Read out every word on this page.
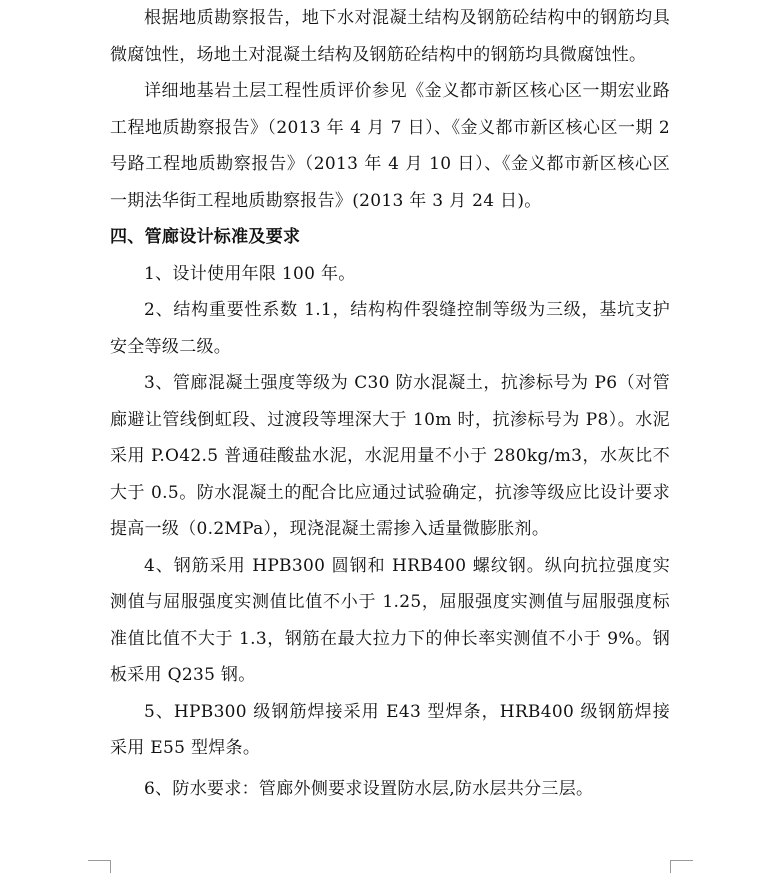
根据地质勘察报告，地下水对混凝土结构及钢筋砼结构中的钢筋均具微腐蚀性，场地土对混凝土结构及钢筋砼结构中的钢筋均具微腐蚀性。

详细地基岩土层工程性质评价参见《金义都市新区核心区一期宏业路工程地质勘察报告》（2013 年 4 月 7 日）、《金义都市新区核心区一期 2 号路工程地质勘察报告》（2013 年 4 月 10 日）、《金义都市新区核心区一期法华街工程地质勘察报告》(2013 年 3 月 24 日)。

四、管廊设计标准及要求

1、设计使用年限 100 年。

2、结构重要性系数 1.1，结构构件裂缝控制等级为三级，基坑支护安全等级二级。

3、管廊混凝土强度等级为 C30 防水混凝土，抗渗标号为 P6（对管廊避让管线倒虹段、过渡段等埋深大于 10m 时，抗渗标号为 P8）。水泥采用 P.O42.5 普通硅酸盐水泥，水泥用量不小于 280kg/m3，水灰比不大于 0.5。防水混凝土的配合比应通过试验确定，抗渗等级应比设计要求提高一级（0.2MPa），现浇混凝土需掺入适量微膨胀剂。

4、钢筋采用 HPB300 圆钢和 HRB400 螺纹钢。纵向抗拉强度实测值与屈服强度实测值比值不小于 1.25，屈服强度实测值与屈服强度标准值比值不大于 1.3，钢筋在最大拉力下的伸长率实测值不小于 9%。钢板采用 Q235 钢。

5、HPB300 级钢筋焊接采用 E43 型焊条，HRB400 级钢筋焊接采用 E55 型焊条。

6、防水要求：管廊外侧要求设置防水层,防水层共分三层。
